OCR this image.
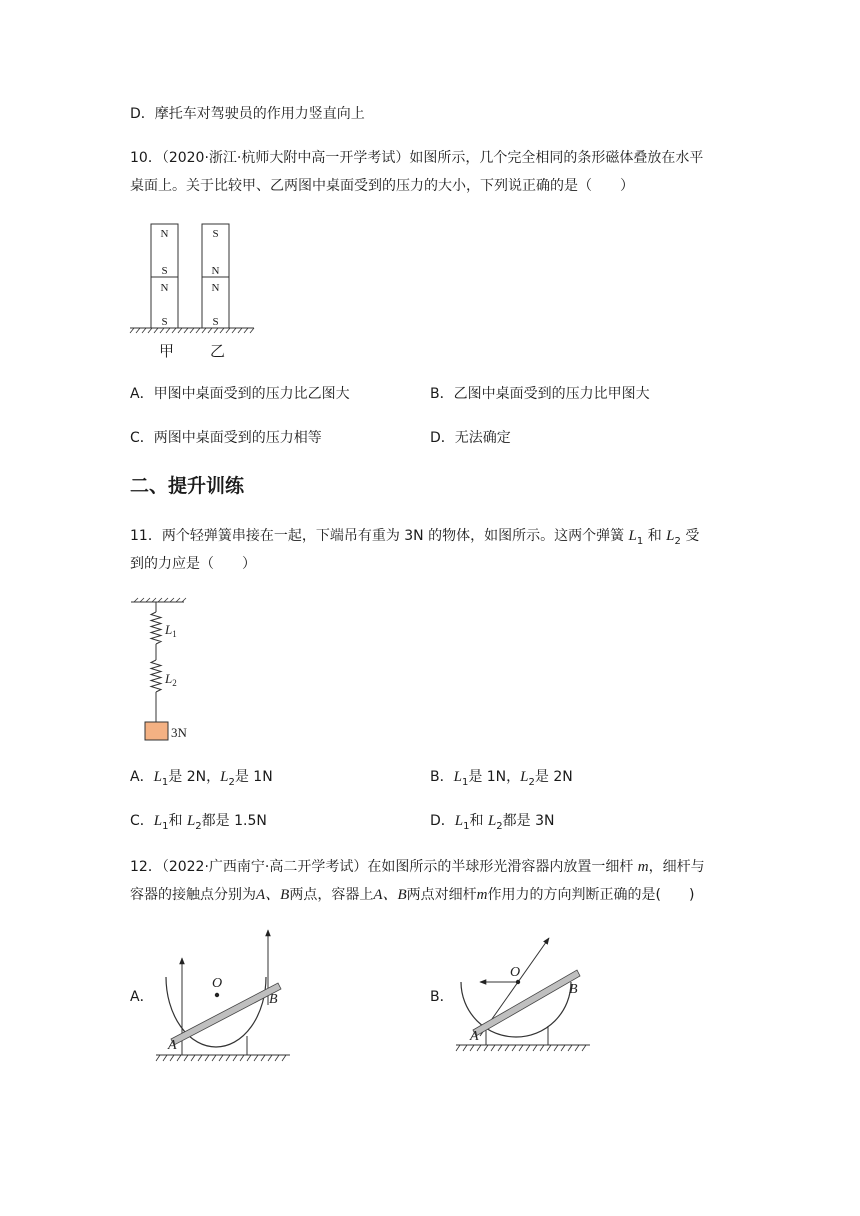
D．摩托车对驾驶员的作用力竖直向上
10．（2020·浙江·杭师大附中高一开学考试）如图所示，几个完全相同的条形磁体叠放在水平
桌面上。关于比较甲、乙两图中桌面受到的压力的大小，下列说正确的是（　　）
N
S
N
S
S
N
N
S
甲 乙
A．甲图中桌面受到的压力比乙图大	B．乙图中桌面受到的压力比甲图大
C．两图中桌面受到的压力相等	D．无法确定
二、提升训练
11．两个轻弹簧串接在一起，下端吊有重为 3N 的物体，如图所示。这两个弹簧 $L_1$ 和 $L_2$ 受
到的力应是（　　）
$L_1$
$L_2$
3N
A．$L_1$是 2N，$L_2$是 1N	B．$L_1$是 1N，$L_2$是 2N
C．$L_1$和 $L_2$都是 1.5N	D．$L_1$和 $L_2$都是 3N
12．（2022·广西南宁·高二开学考试）在如图所示的半球形光滑容器内放置一细杆 m，细杆与
容器的接触点分别为A、B两点，容器上A、B两点对细杆m作用力的方向判断正确的是(　　)
A．
O
A
B	B．
O
A
B
